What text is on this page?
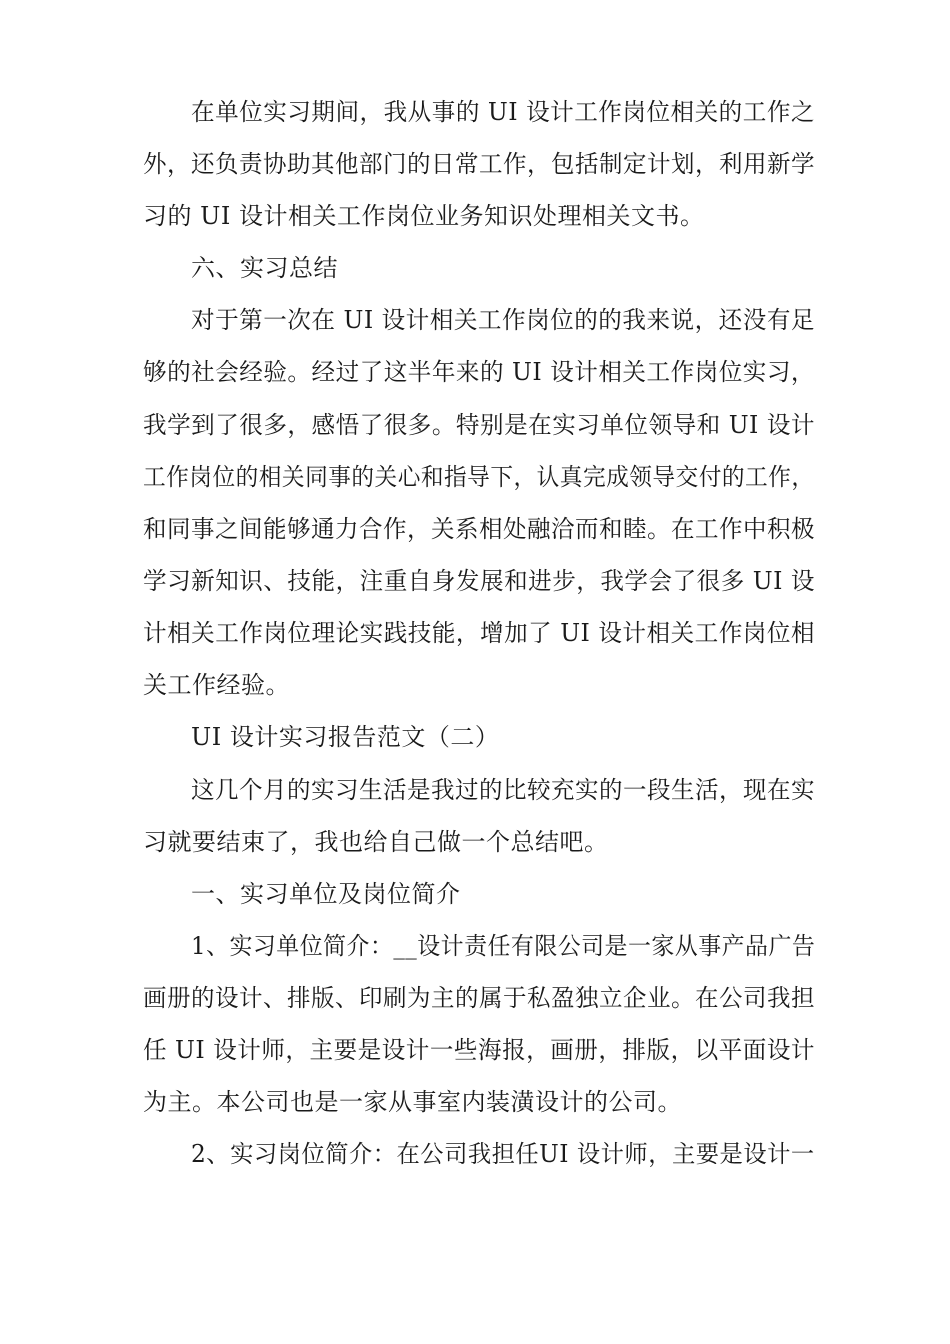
在单位实习期间，我从事的 UI 设计工作岗位相关的工作之
外，还负责协助其他部门的日常工作，包括制定计划，利用新学
习的 UI 设计相关工作岗位业务知识处理相关文书。
六、实习总结
对于第一次在 UI 设计相关工作岗位的的我来说，还没有足
够的社会经验。经过了这半年来的 UI 设计相关工作岗位实习，
我学到了很多，感悟了很多。特别是在实习单位领导和 UI 设计
工作岗位的相关同事的关心和指导下，认真完成领导交付的工作，
和同事之间能够通力合作，关系相处融洽而和睦。在工作中积极
学习新知识、技能，注重自身发展和进步，我学会了很多 UI 设
计相关工作岗位理论实践技能，增加了 UI 设计相关工作岗位相
关工作经验。
UI 设计实习报告范文（二）
这几个月的实习生活是我过的比较充实的一段生活，现在实
习就要结束了，我也给自己做一个总结吧。
一、实习单位及岗位简介
1、实习单位简介：__设计责任有限公司是一家从事产品广告
画册的设计、排版、印刷为主的属于私盈独立企业。在公司我担
任 UI 设计师，主要是设计一些海报，画册，排版，以平面设计
为主。本公司也是一家从事室内装潢设计的公司。
2、实习岗位简介：在公司我担任UI 设计师，主要是设计一
